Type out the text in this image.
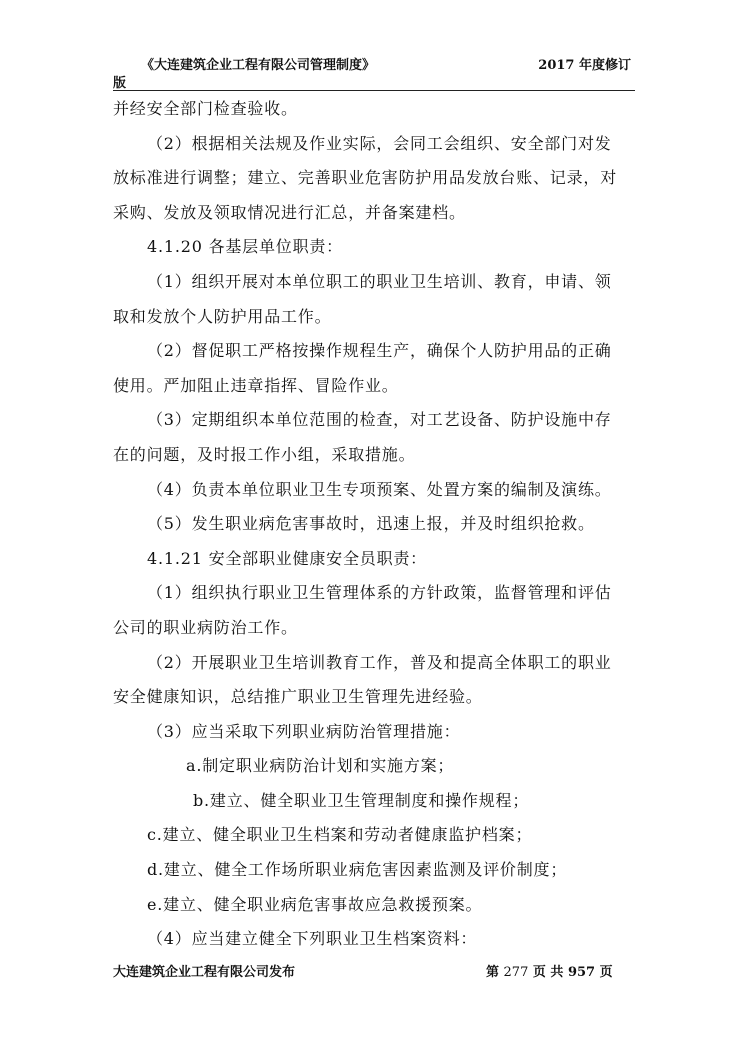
《大连建筑企业工程有限公司管理制度》	2017 年度修订
版

并经安全部门检查验收。

（2）根据相关法规及作业实际，会同工会组织、安全部门对发

放标准进行调整；建立、完善职业危害防护用品发放台账、记录，对

采购、发放及领取情况进行汇总，并备案建档。

4.1.20 各基层单位职责：

（1）组织开展对本单位职工的职业卫生培训、教育，申请、领

取和发放个人防护用品工作。

（2）督促职工严格按操作规程生产，确保个人防护用品的正确

使用。严加阻止违章指挥、冒险作业。

（3）定期组织本单位范围的检查，对工艺设备、防护设施中存

在的问题，及时报工作小组，采取措施。

（4）负责本单位职业卫生专项预案、处置方案的编制及演练。

（5）发生职业病危害事故时，迅速上报，并及时组织抢救。

4.1.21 安全部职业健康安全员职责：

（1）组织执行职业卫生管理体系的方针政策，监督管理和评估

公司的职业病防治工作。

（2）开展职业卫生培训教育工作，普及和提高全体职工的职业

安全健康知识，总结推广职业卫生管理先进经验。

（3）应当采取下列职业病防治管理措施：

a.制定职业病防治计划和实施方案；

b.建立、健全职业卫生管理制度和操作规程；

c.建立、健全职业卫生档案和劳动者健康监护档案；

d.建立、健全工作场所职业病危害因素监测及评价制度；

e.建立、健全职业病危害事故应急救援预案。

（4）应当建立健全下列职业卫生档案资料：

大连建筑企业工程有限公司发布	第 277 页 共 957 页
